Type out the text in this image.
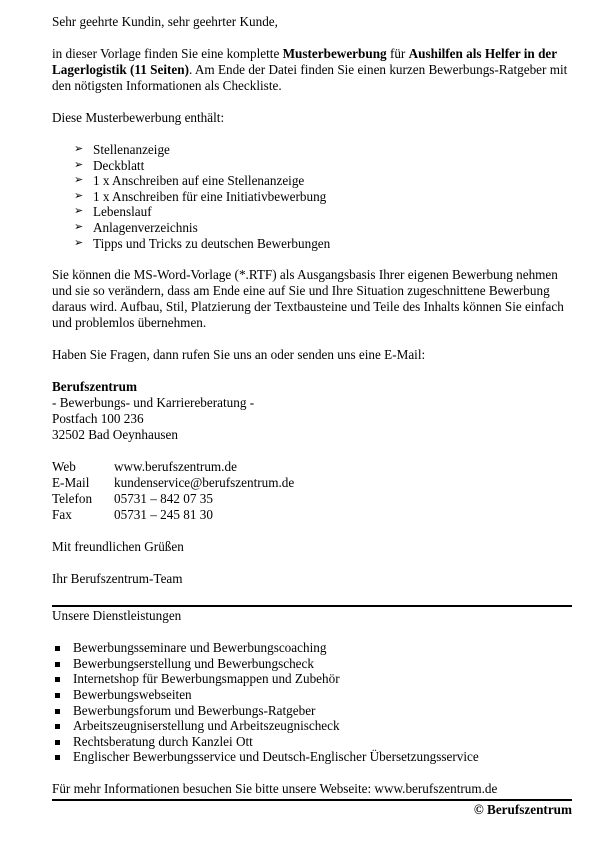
Sehr geehrte Kundin, sehr geehrter Kunde,

in dieser Vorlage finden Sie eine komplette Musterbewerbung für Aushilfen als Helfer in der Lagerlogistik (11 Seiten). Am Ende der Datei finden Sie einen kurzen Bewerbungs-Ratgeber mit den nötigsten Informationen als Checkliste.

Diese Musterbewerbung enthält:

➢ Stellenanzeige
➢ Deckblatt
➢ 1 x Anschreiben auf eine Stellenanzeige
➢ 1 x Anschreiben für eine Initiativbewerbung
➢ Lebenslauf
➢ Anlagenverzeichnis
➢ Tipps und Tricks zu deutschen Bewerbungen

Sie können die MS-Word-Vorlage (*.RTF) als Ausgangsbasis Ihrer eigenen Bewerbung nehmen und sie so verändern, dass am Ende eine auf Sie und Ihre Situation zugeschnittene Bewerbung daraus wird. Aufbau, Stil, Platzierung der Textbausteine und Teile des Inhalts können Sie einfach und problemlos übernehmen.

Haben Sie Fragen, dann rufen Sie uns an oder senden uns eine E-Mail:

Berufszentrum

- Bewerbungs- und Karriereberatung -

Postfach 100 236

32502 Bad Oeynhausen

Web	www.berufszentrum.de
E-Mail	kundenservice@berufszentrum.de
Telefon	05731 – 842 07 35
Fax	05731 – 245 81 30

Mit freundlichen Grüßen

Ihr Berufszentrum-Team

Unsere Dienstleistungen

Bewerbungsseminare und Bewerbungscoaching
Bewerbungserstellung und Bewerbungscheck
Internetshop für Bewerbungsmappen und Zubehör
Bewerbungswebseiten
Bewerbungsforum und Bewerbungs-Ratgeber
Arbeitszeugniserstellung und Arbeitszeugnischeck
Rechtsberatung durch Kanzlei Ott
Englischer Bewerbungsservice und Deutsch-Englischer Übersetzungsservice

Für mehr Informationen besuchen Sie bitte unsere Webseite: www.berufszentrum.de

© Berufszentrum
